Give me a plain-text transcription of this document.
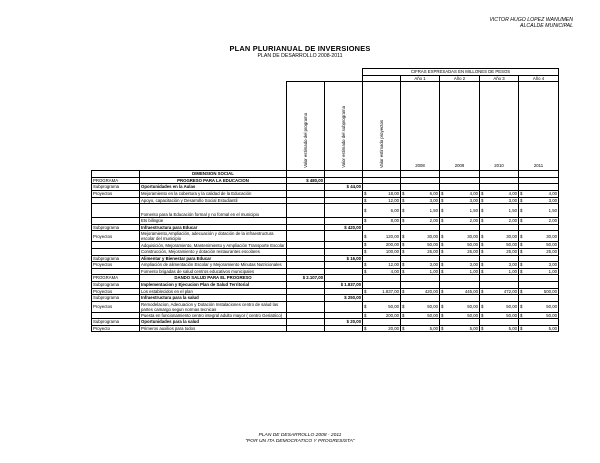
VICTOR HUGO LOPEZ WANUMEN
ALCALDE MUNICIPAL
PLAN PLURIANUAL DE INVERSIONES
PLAN DE DESARROLLO 2008-2011
				CIFRAS EXPRESADAS EN MILLONES DE PESOS				
					Año 1	Año 2	Año 3	Año 4
		Valor estimado del programa	Valor estimado del subprograma	Valor estimado proyectos	2008	2009	2010	2011
	DIMENSION SOCIAL							
PROGRAMA	PROGRESO PARA LA EDUCACION	$ 480,00						
Subprograma	Oportunidades en la Aulas		$ 44,00					
Proyectos	Mejoramiento en la cobertura y la calidad de la Educación			$ 18,00	$ 6,00	$ 4,00	$ 4,00	$ 4,00

	Apoyo, capacitación y Desarrollo Social Estudiantil			$ 12,00	$ 3,00	$ 3,00	$ 3,00	$ 3,00

	Fomento para la Educación formal y no formal en el municipio			$ 6,00	$ 1,50	$ 1,50	$ 1,50	$ 1,50

	Ets bilingüe			$ 8,00	$ 2,00	$ 2,00	$ 2,00	$ 2,00

Subprograma	Infraestructura para Educar		$ 420,00					
Proyectos	Mejoramiento,Ampliación, adecuación y dotación de la infraestructura escolar del municipio			$ 120,00	$ 30,00	$ 30,00	$ 30,00	$ 30,00

	Adquisición, Mejoramiento, Mantenimiento y Ampliación Transporte Escolar			$ 200,00	$ 50,00	$ 50,00	$ 50,00	$ 50,00

	Construcción, Mejoramiento y dotación restaurantes escolares			$ 100,00	$ 25,00	$ 25,00	$ 25,00	$ 25,00

Subprograma	Alimentar y Bienestar para Educar		$ 16,00					
Proyectos	Ampliación de alimentación Escolar y Mejoramiento Minutas Nutricionales			$ 12,00	$ 3,00	$ 3,00	$ 3,00	$ 3,00

	Fomento brigadas de salud centros educativos municipales			$ 4,00	$ 1,00	$ 1,00	$ 1,00	$ 1,00

PROGRAMA	DANDO SALUD PARA EL PROGRESO	$ 2.107,00						
Subprograma	Implementacion y Ejecucion Plan de Salud Territorial		$ 1.837,00					
Proyectos	Los establecidos en el plan			$ 1.837,00	$ 420,00	$ 445,00	$ 472,00	$ 500,00

Subprograma	Infraestructura para la salud		$ 250,00					
Proyectos	Remodelacion, Adecuacion y Dotación Instalaciones centro de salud las partes camargo segun normas tecnicas			$ 50,00	$ 50,00	$ 50,00	$ 50,00	$ 50,00

	Puesta en funcionamiento centro integral adulto mayor ( centro Geriatrico)			$ 200,00	$ 50,00	$ 50,00	$ 50,00	$ 50,00

Subprograma	Oportunidades para la salud		$ 20,00					
Proyecto	Primeros auxilios para todos			$ 20,00	$ 5,00	$ 5,00	$ 5,00	$ 5,00
PLAN DE DESARROLLO 2008 - 2011
"POR UN ITA DEMOCRATICO Y PROGRESISTA"
